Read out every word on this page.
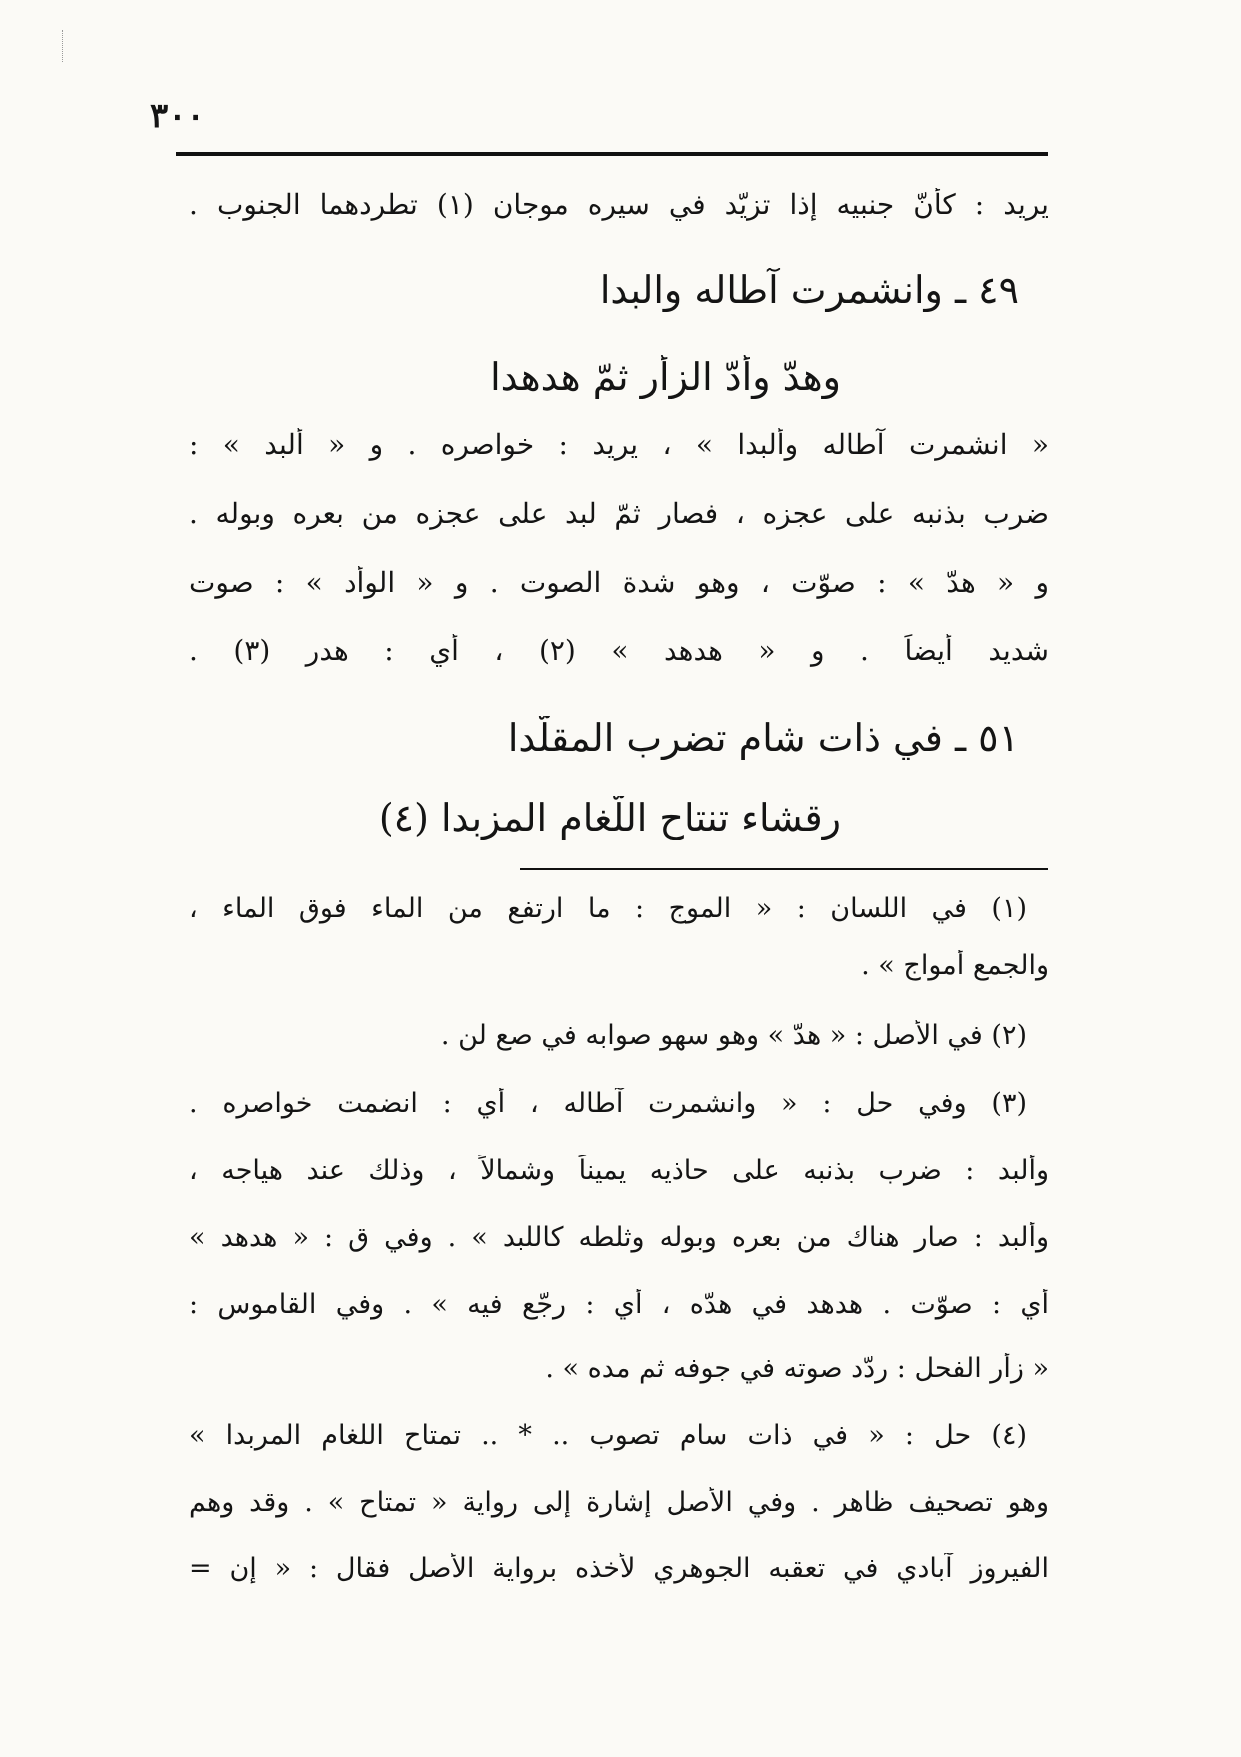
٣٠٠
يريد : كأنّ جنبيه إذا تزيّد في سيره موجان (١) تطردهما الجنوب .
٤٩ ـ وانشمرت آطاله والبدا
وهدّ وأدّ الزأر ثمّ هدهدا
« انشمرت آطاله وألبدا » ، يريد : خواصره . و « ألبد » :
ضرب بذنبه على عجزه ، فصار ثمّ لبد على عجزه من بعره وبوله .
و « هدّ » : صوّت ، وهو شدة الصوت . و « الوأد » : صوت
شديد أيضاً . و « هدهد » (٢) ، أي : هدر (٣) .
٥١ ـ في ذات شام تضرب المقلّدا
رقشاء تنتاح اللّغام المزبدا (٤)
(١) في اللسان : « الموج : ما ارتفع من الماء فوق الماء ،
والجمع أمواج » .
(٢) في الأصل : « هدّ » وهو سهو صوابه في صع لن .
(٣) وفي حل : « وانشمرت آطاله ، أي : انضمت خواصره .
وألبد : ضرب بذنبه على حاذيه يميناً وشمالاً ، وذلك عند هياجه ،
وألبد : صار هناك من بعره وبوله وثلطه كاللبد » . وفي ق : « هدهد »
أي : صوّت . هدهد في هدّه ، أي : رجّع فيه » . وفي القاموس :
« زأر الفحل : ردّد صوته في جوفه ثم مده » .
(٤) حل : « في ذات سام تصوب .. * .. تمتاح اللغام المربدا »
وهو تصحيف ظاهر . وفي الأصل إشارة إلى رواية « تمتاح » . وقد وهم
الفيروز آبادي في تعقبه الجوهري لأخذه برواية الأصل فقال : « إن =
